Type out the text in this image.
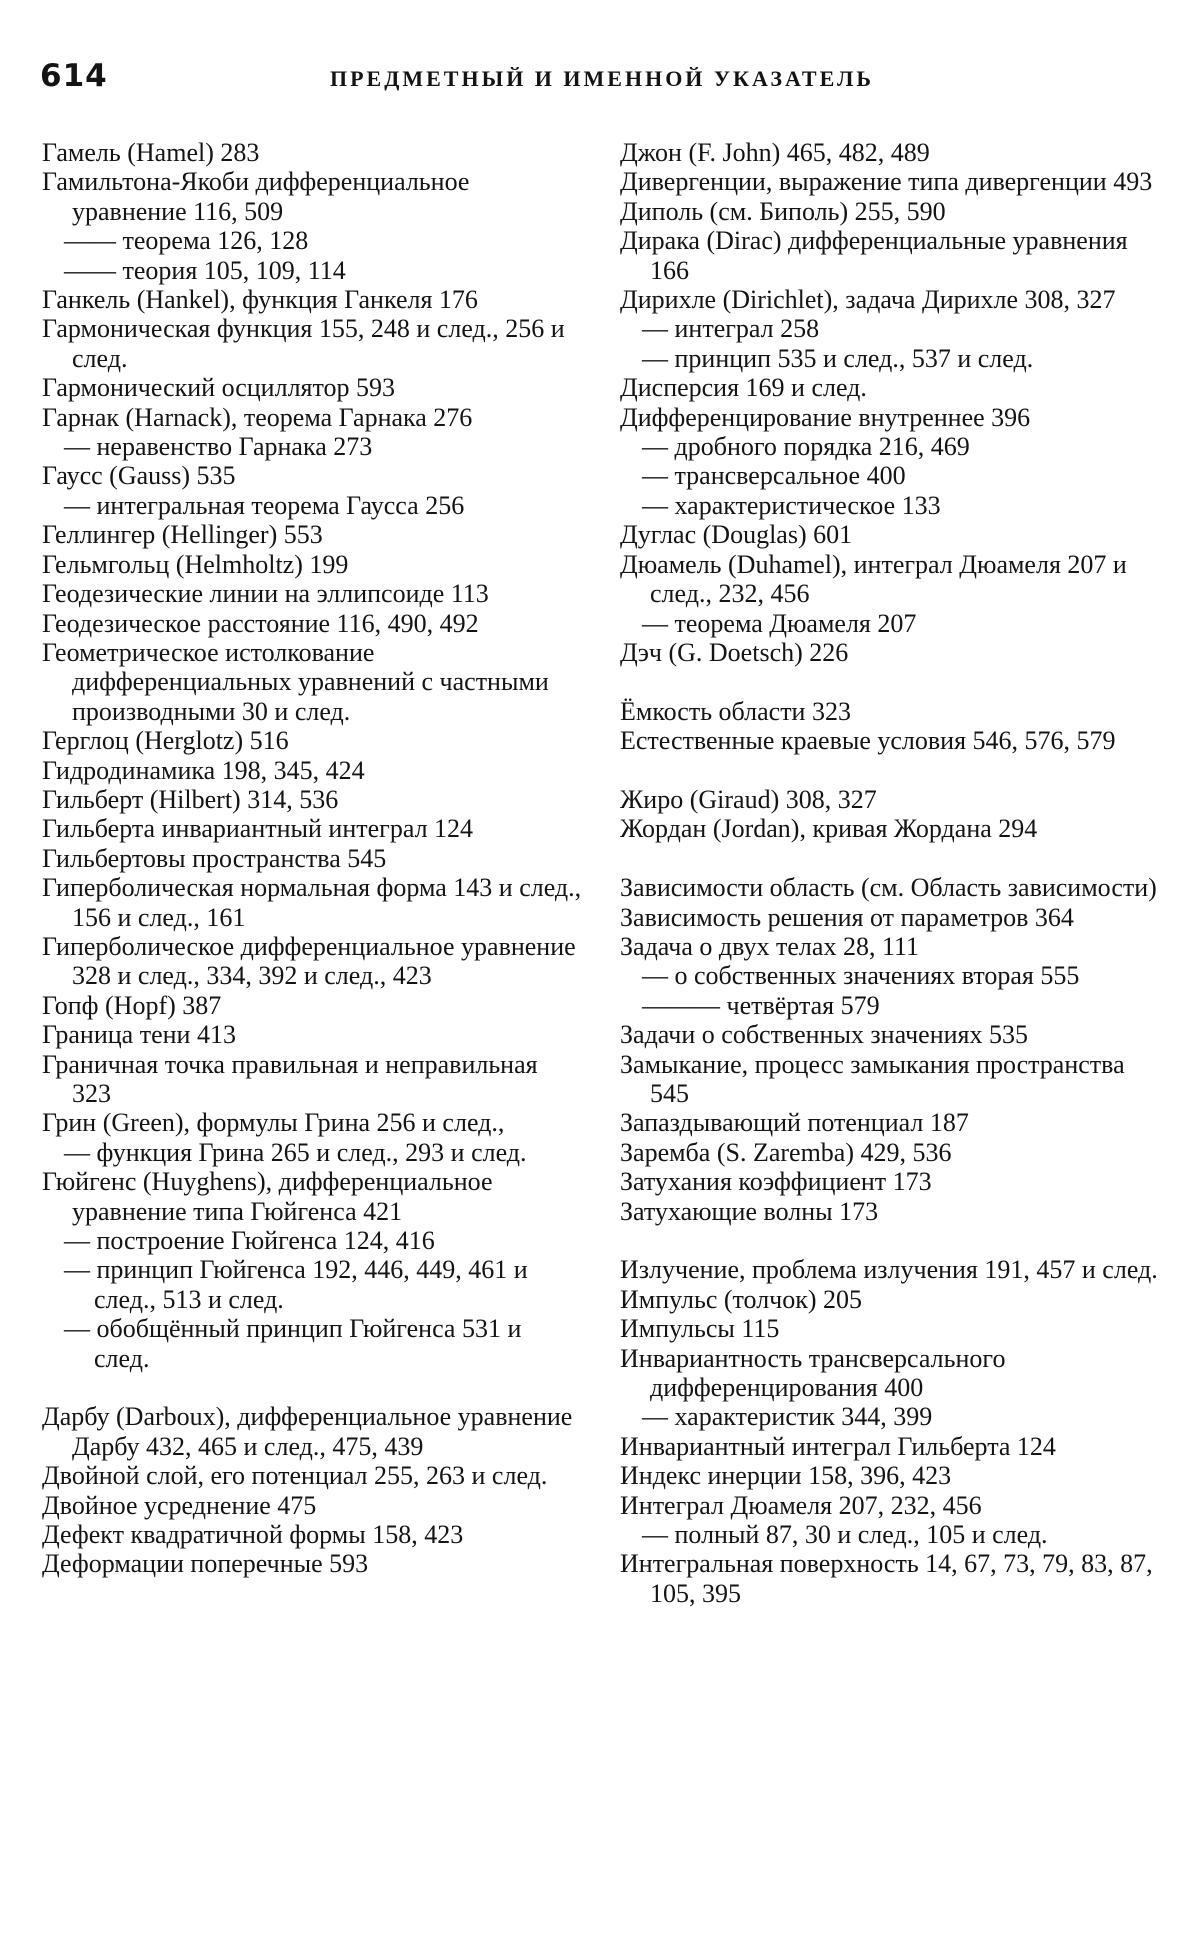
614	ПРЕДМЕТНЫЙ И ИМЕННОЙ УКАЗАТЕЛЬ

Гамель (Hamel) 283

Гамильтона-Якоби дифференциальное уравнение 116, 509

—— теорема 126, 128

—— теория 105, 109, 114

Ганкель (Hankel), функция Ганкеля 176

Гармоническая функция 155, 248 и след., 256 и след.

Гармонический осциллятор 593

Гарнак (Harnack), теорема Гарнака 276

— неравенство Гарнака 273

Гаусс (Gauss) 535

— интегральная теорема Гаусса 256

Геллингер (Hellinger) 553

Гельмгольц (Helmholtz) 199

Геодезические линии на эллипсоиде 113

Геодезическое расстояние 116, 490, 492

Геометрическое истолкование дифференциальных уравнений с частными производными 30 и след.

Герглоц (Herglotz) 516

Гидродинамика 198, 345, 424

Гильберт (Hilbert) 314, 536

Гильберта инвариантный интеграл 124

Гильбертовы пространства 545

Гиперболическая нормальная форма 143 и след., 156 и след., 161

Гиперболическое дифференциальное уравнение 328 и след., 334, 392 и след., 423

Гопф (Hopf) 387

Граница тени 413

Граничная точка правильная и неправильная 323

Грин (Green), формулы Грина 256 и след.,

— функция Грина 265 и след., 293 и след.

Гюйгенс (Huyghens), дифференциальное уравнение типа Гюйгенса 421

— построение Гюйгенса 124, 416

— принцип Гюйгенса 192, 446, 449, 461 и след., 513 и след.

— обобщённый принцип Гюйгенса 531 и след.

Дарбу (Darboux), дифференциальное уравнение Дарбу 432, 465 и след., 475, 439

Двойной слой, его потенциал 255, 263 и след.

Двойное усреднение 475

Дефект квадратичной формы 158, 423

Деформации поперечные 593

Джон (F. John) 465, 482, 489

Дивергенции, выражение типа дивергенции 493

Диполь (см. Биполь) 255, 590

Дирака (Dirac) дифференциальные уравнения 166

Дирихле (Dirichlet), задача Дирихле 308, 327

— интеграл 258

— принцип 535 и след., 537 и след.

Дисперсия 169 и след.

Дифференцирование внутреннее 396

— дробного порядка 216, 469

— трансверсальное 400

— характеристическое 133

Дуглас (Douglas) 601

Дюамель (Duhamel), интеграл Дюамеля 207 и след., 232, 456

— теорема Дюамеля 207

Дэч (G. Doetsch) 226

Ёмкость области 323

Естественные краевые условия 546, 576, 579

Жиро (Giraud) 308, 327

Жордан (Jordan), кривая Жордана 294

Зависимости область (см. Область зависимости)

Зависимость решения от параметров 364

Задача о двух телах 28, 111

— о собственных значениях вторая 555

——— четвёртая 579

Задачи о собственных значениях 535

Замыкание, процесс замыкания пространства 545

Запаздывающий потенциал 187

Заремба (S. Zaremba) 429, 536

Затухания коэффициент 173

Затухающие волны 173

Излучение, проблема излучения 191, 457 и след.

Импульс (толчок) 205

Импульсы 115

Инвариантность трансверсального дифференцирования 400

— характеристик 344, 399

Инвариантный интеграл Гильберта 124

Индекс инерции 158, 396, 423

Интеграл Дюамеля 207, 232, 456

— полный 87, 30 и след., 105 и след.

Интегральная поверхность 14, 67, 73, 79, 83, 87, 105, 395
